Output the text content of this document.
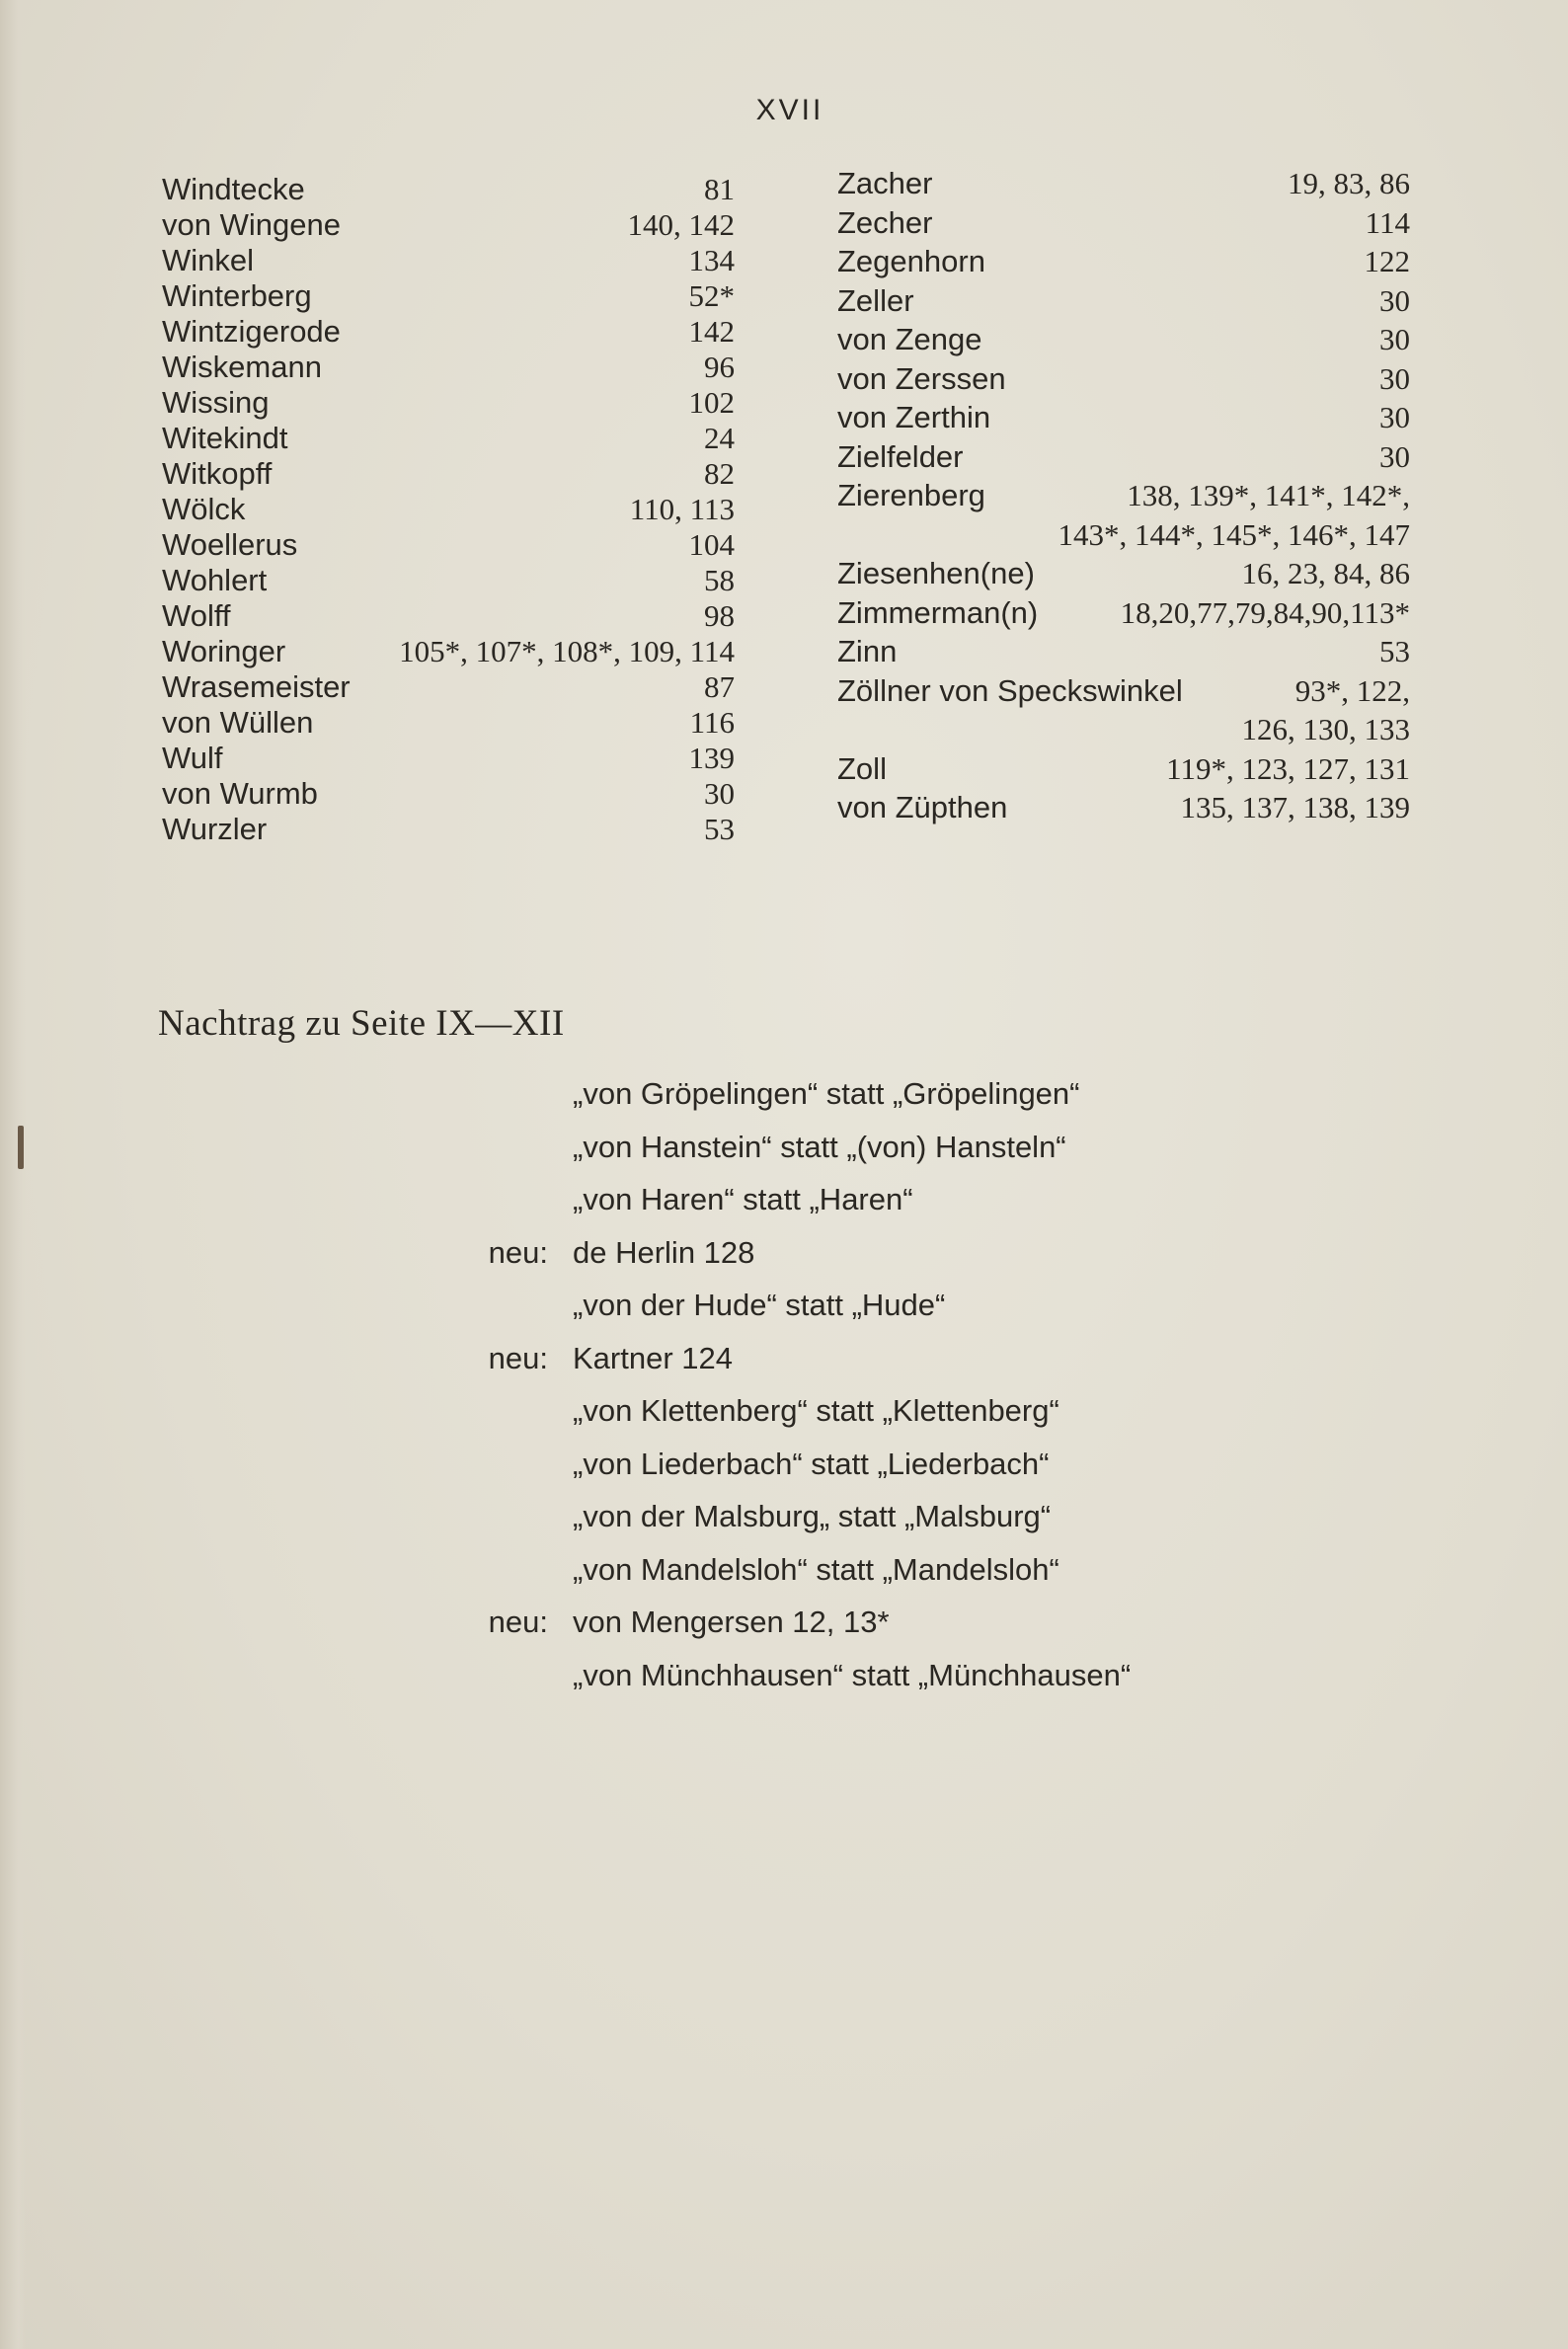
XVII
Windtecke	81
von Wingene	140, 142
Winkel	134
Winterberg	52*
Wintzigerode	142
Wiskemann	96
Wissing	102
Witekindt	24
Witkopff	82
Wölck	110, 113
Woellerus	104
Wohlert	58
Wolff	98
Woringer	105*, 107*, 108*, 109, 114
Wrasemeister	87
von Wüllen	116
Wulf	139
von Wurmb	30
Wurzler	53
Zacher	19, 83, 86
Zecher	114
Zegenhorn	122
Zeller	30
von Zenge	30
von Zerssen	30
von Zerthin	30
Zielfelder	30
Zierenberg	138, 139*, 141*, 142*,
143*, 144*, 145*, 146*, 147
Ziesenhen(ne)	16, 23, 84, 86
Zimmerman(n)	18,20,77,79,84,90,113*
Zinn	53
Zöllner von Speckswinkel	93*, 122,
126, 130, 133
Zoll	119*, 123, 127, 131
von Züpthen	135, 137, 138, 139
Nachtrag zu Seite IX—XII
„von Gröpelingen“ statt „Gröpelingen“
„von Hanstein“ statt „(von) Hansteln“
„von Haren“ statt „Haren“
neu: de Herlin 128
„von der Hude“ statt „Hude“
neu: Kartner 124
„von Klettenberg“ statt „Klettenberg“
„von Liederbach“ statt „Liederbach“
„von der Malsburg„ statt „Malsburg“
„von Mandelsloh“ statt „Mandelsloh“
neu: von Mengersen 12, 13*
„von Münchhausen“ statt „Münchhausen“
